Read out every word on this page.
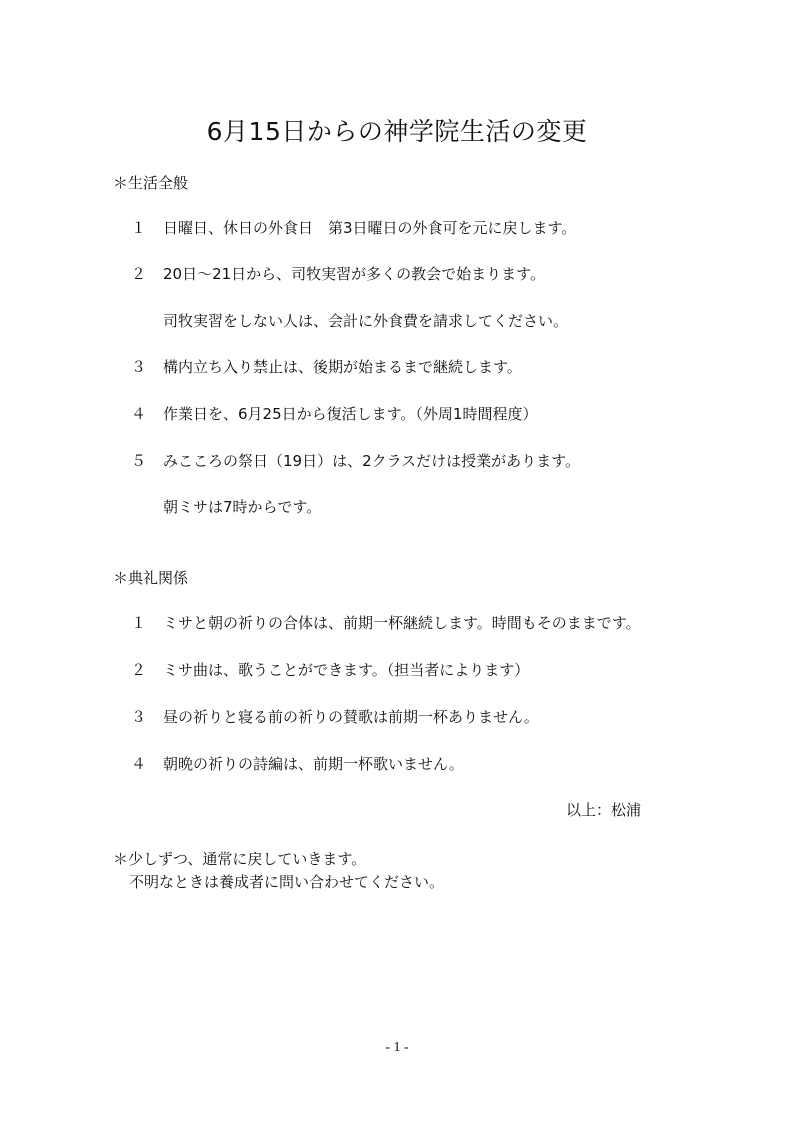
6月15日からの神学院生活の変更
＊生活全般
１ 日曜日、休日の外食日　第3日曜日の外食可を元に戻します。
２ 20日～21日から、司牧実習が多くの教会で始まります。
司牧実習をしない人は、会計に外食費を請求してください。
３ 構内立ち入り禁止は、後期が始まるまで継続します。
４ 作業日を、6月25日から復活します。（外周1時間程度）
５ みこころの祭日（19日）は、2クラスだけは授業があります。
朝ミサは7時からです。
＊典礼関係
１ ミサと朝の祈りの合体は、前期一杯継続します。時間もそのままです。
２ ミサ曲は、歌うことができます。（担当者によります）
３ 昼の祈りと寝る前の祈りの賛歌は前期一杯ありません。
４ 朝晩の祈りの詩編は、前期一杯歌いません。
以上：松浦
＊少しずつ、通常に戻していきます。
不明なときは養成者に問い合わせてください。
- 1 -
